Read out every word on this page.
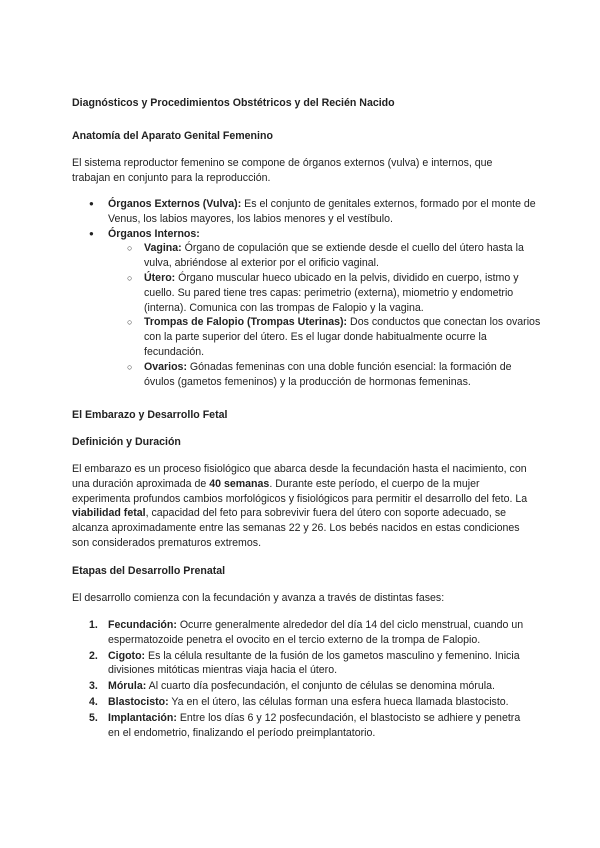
Diagnósticos y Procedimientos Obstétricos y del Recién Nacido
Anatomía del Aparato Genital Femenino

El sistema reproductor femenino se compone de órganos externos (vulva) e internos, que trabajan en conjunto para la reproducción.

● Órganos Externos (Vulva): Es el conjunto de genitales externos, formado por el monte de Venus, los labios mayores, los labios menores y el vestíbulo.
● Órganos Internos:
○ Vagina: Órgano de copulación que se extiende desde el cuello del útero hasta la vulva, abriéndose al exterior por el orificio vaginal.
○ Útero: Órgano muscular hueco ubicado en la pelvis, dividido en cuerpo, istmo y cuello. Su pared tiene tres capas: perimetrio (externa), miometrio y endometrio (interna). Comunica con las trompas de Falopio y la vagina.
○ Trompas de Falopio (Trompas Uterinas): Dos conductos que conectan los ovarios con la parte superior del útero. Es el lugar donde habitualmente ocurre la fecundación.
○ Ovarios: Gónadas femeninas con una doble función esencial: la formación de óvulos (gametos femeninos) y la producción de hormonas femeninas.
El Embarazo y Desarrollo Fetal
Definición y Duración

El embarazo es un proceso fisiológico que abarca desde la fecundación hasta el nacimiento, con una duración aproximada de 40 semanas. Durante este período, el cuerpo de la mujer experimenta profundos cambios morfológicos y fisiológicos para permitir el desarrollo del feto. La viabilidad fetal, capacidad del feto para sobrevivir fuera del útero con soporte adecuado, se alcanza aproximadamente entre las semanas 22 y 26. Los bebés nacidos en estas condiciones son considerados prematuros extremos.

Etapas del Desarrollo Prenatal

El desarrollo comienza con la fecundación y avanza a través de distintas fases:

1. Fecundación: Ocurre generalmente alrededor del día 14 del ciclo menstrual, cuando un espermatozoide penetra el ovocito en el tercio externo de la trompa de Falopio.
2. Cigoto: Es la célula resultante de la fusión de los gametos masculino y femenino. Inicia divisiones mitóticas mientras viaja hacia el útero.
3. Mórula: Al cuarto día posfecundación, el conjunto de células se denomina mórula.
4. Blastocisto: Ya en el útero, las células forman una esfera hueca llamada blastocisto.
5. Implantación: Entre los días 6 y 12 posfecundación, el blastocisto se adhiere y penetra en el endometrio, finalizando el período preimplantatorio.
